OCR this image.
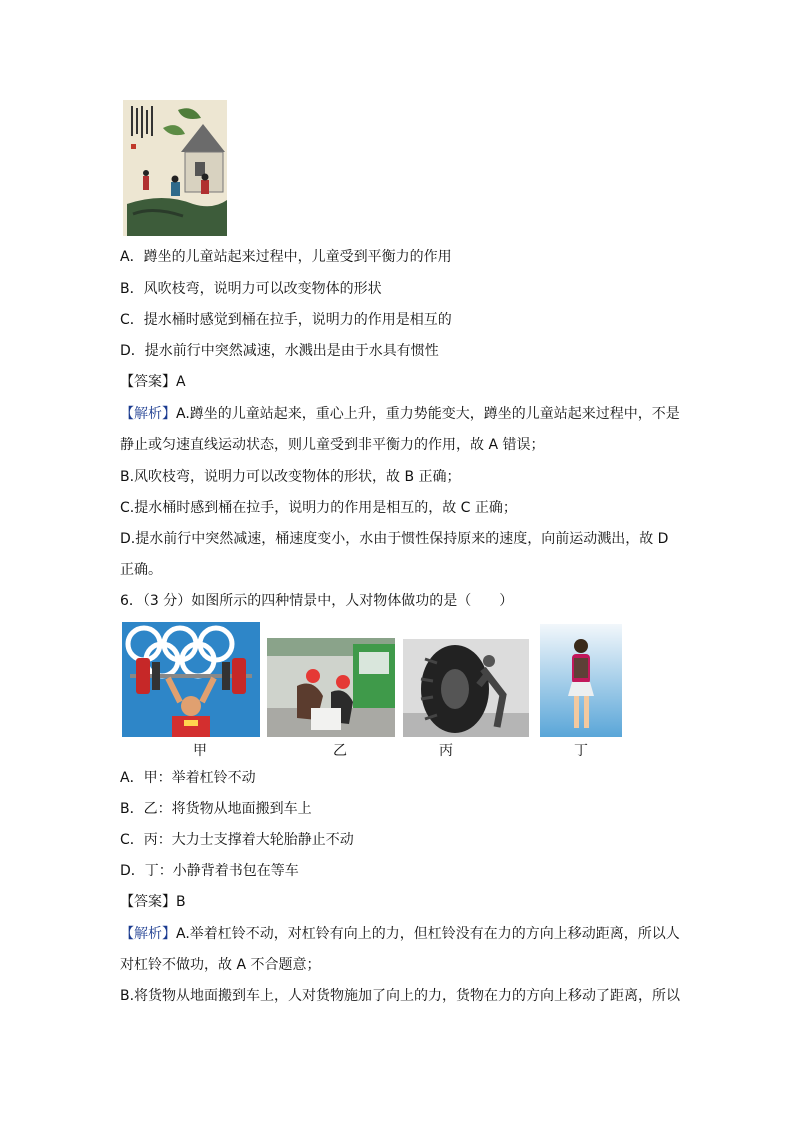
A．蹲坐的儿童站起来过程中，儿童受到平衡力的作用
B．风吹枝弯，说明力可以改变物体的形状
C．提水桶时感觉到桶在拉手，说明力的作用是相互的
D．提水前行中突然减速，水溅出是由于水具有惯性
【答案】A
【解析】A.蹲坐的儿童站起来，重心上升，重力势能变大，蹲坐的儿童站起来过程中，不是
静止或匀速直线运动状态，则儿童受到非平衡力的作用，故 A 错误；
B.风吹枝弯，说明力可以改变物体的形状，故 B 正确；
C.提水桶时感到桶在拉手，说明力的作用是相互的，故 C 正确；
D.提水前行中突然减速，桶速度变小，水由于惯性保持原来的速度，向前运动溅出，故 D
正确。
6．（3 分）如图所示的四种情景中，人对物体做功的是（　　）
甲	乙	丙	丁
A．甲：举着杠铃不动
B．乙：将货物从地面搬到车上
C．丙：大力士支撑着大轮胎静止不动
D．丁：小静背着书包在等车
【答案】B
【解析】A.举着杠铃不动，对杠铃有向上的力，但杠铃没有在力的方向上移动距离，所以人
对杠铃不做功，故 A 不合题意；
B.将货物从地面搬到车上，人对货物施加了向上的力，货物在力的方向上移动了距离，所以
